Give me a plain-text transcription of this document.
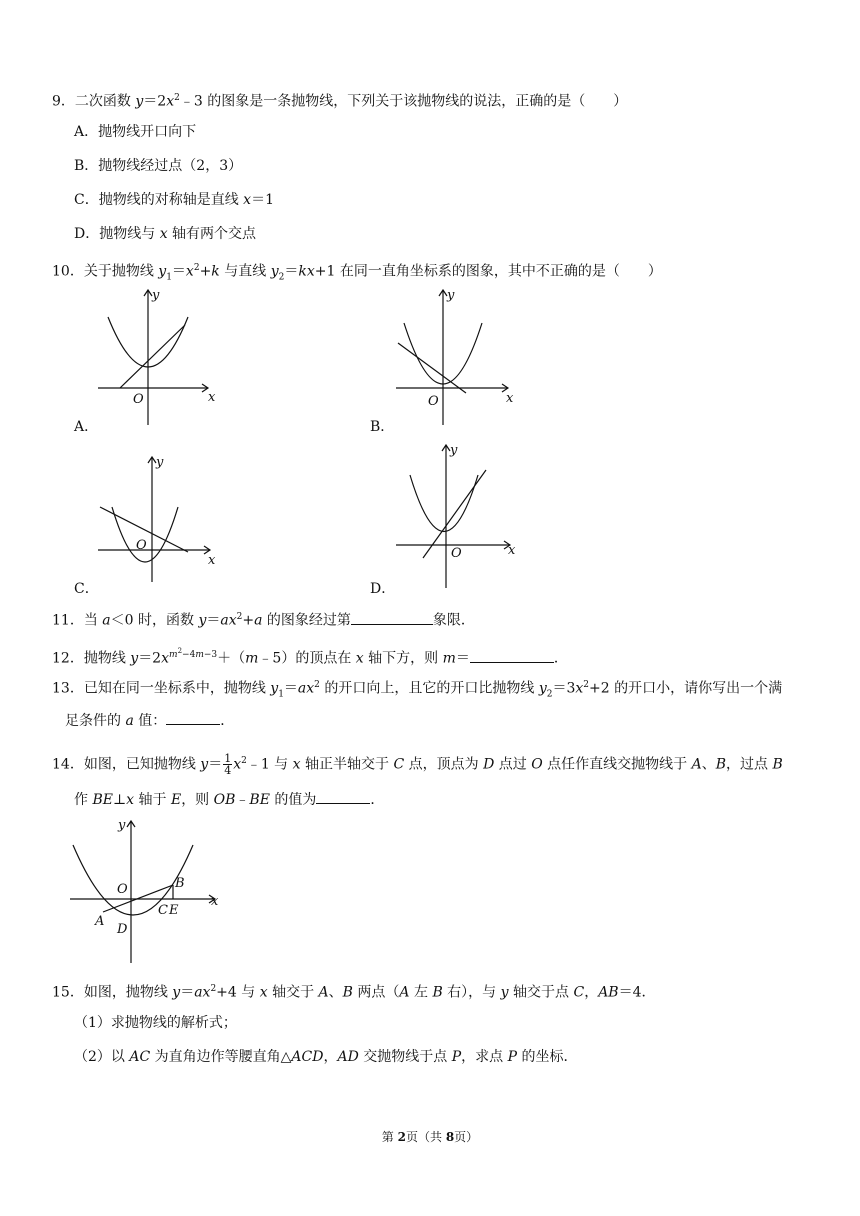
9．二次函数 $y=2x^2﹣3$ 的图象是一条抛物线，下列关于该抛物线的说法，正确的是（　　）
A．抛物线开口向下
B．抛物线经过点（2，3）
C．抛物线的对称轴是直线 x＝1
D．抛物线与 x 轴有两个交点
10．关于抛物线 $y_1=x^2+k$ 与直线 $y_2=kx+1$ 在同一直角坐标系的图象，其中不正确的是（　　）
O	x
y
A．
O	x
y
B．
O
x
y
C．
O	x
y
D．
11．当 a＜0 时，函数 $y=ax^2+a$ 的图象经过第	象限．
12．抛物线 $y=2x^{m^2-4m-3}+(m﹣5)$的顶点在 x 轴下方，则 m＝	．
13．已知在同一坐标系中，抛物线 $y_1=ax^2$ 的开口向上，且它的开口比抛物线 $y_2=3x^2+2$ 的开口小，请你写出一个满
足条件的 a 值：	．
14．如图，已知抛物线 $y= \frac{1}{4}$ $x^2﹣1$ 与 x 轴正半轴交于 C 点，顶点为 D 点过 O 点任作直线交抛物线于 A、B，过点 B
作 BE⊥x 轴于 E，则 OB﹣BE 的值为	．
O
x
y
A
B
C E
D
15．如图，抛物线 $y=ax^2+4$ 与 x 轴交于 A、B 两点（A 左 B 右），与 y 轴交于点 C，AB＝4．
（1）求抛物线的解析式；
（2）以 AC 为直角边作等腰直角△ACD，AD 交抛物线于点 P，求点 P 的坐标．
第 2页（共 8页）
